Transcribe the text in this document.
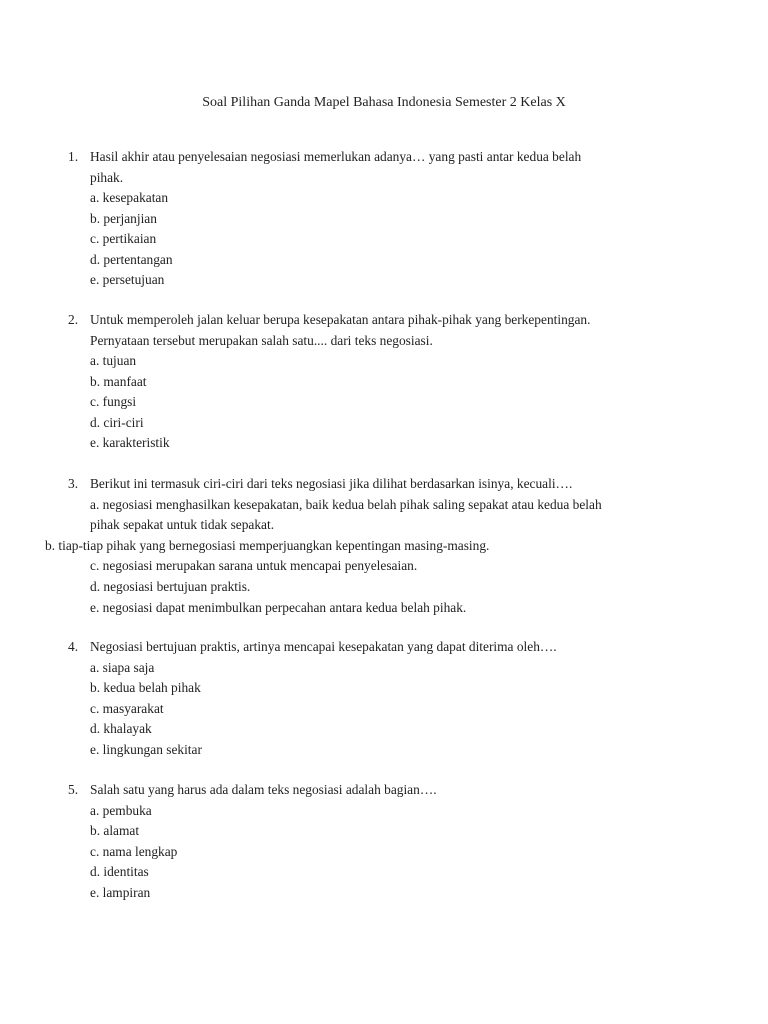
Soal Pilihan Ganda Mapel Bahasa Indonesia Semester 2 Kelas X
1. Hasil akhir atau penyelesaian negosiasi memerlukan adanya… yang pasti antar kedua belah
pihak.
a. kesepakatan
b. perjanjian
c. pertikaian
d. pertentangan
e. persetujuan
2. Untuk memperoleh jalan keluar berupa kesepakatan antara pihak-pihak yang berkepentingan.
Pernyataan tersebut merupakan salah satu.... dari teks negosiasi.
a. tujuan
b. manfaat
c. fungsi
d. ciri-ciri
e. karakteristik
3. Berikut ini termasuk ciri-ciri dari teks negosiasi jika dilihat berdasarkan isinya, kecuali….
a. negosiasi menghasilkan kesepakatan, baik kedua belah pihak saling sepakat atau kedua belah
pihak sepakat untuk tidak sepakat.
b. tiap-tiap pihak yang bernegosiasi memperjuangkan kepentingan masing-masing.
c. negosiasi merupakan sarana untuk mencapai penyelesaian.
d. negosiasi bertujuan praktis.
e. negosiasi dapat menimbulkan perpecahan antara kedua belah pihak.
4. Negosiasi bertujuan praktis, artinya mencapai kesepakatan yang dapat diterima oleh….
a. siapa saja
b. kedua belah pihak
c. masyarakat
d. khalayak
e. lingkungan sekitar
5. Salah satu yang harus ada dalam teks negosiasi adalah bagian….
a. pembuka
b. alamat
c. nama lengkap
d. identitas
e. lampiran
